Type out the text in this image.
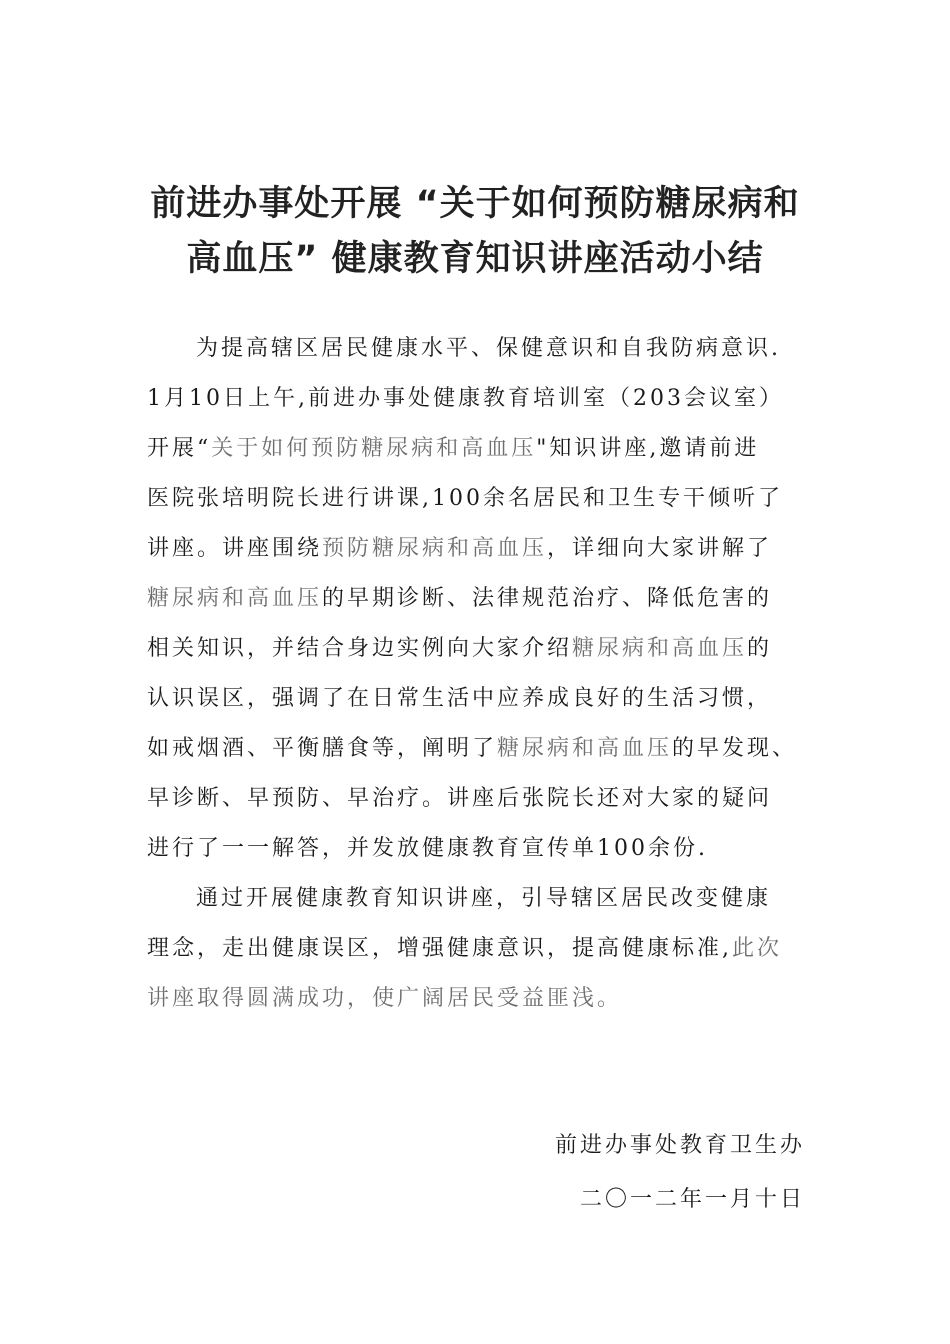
前进办事处开展 “关于如何预防糖尿病和
高血压” 健康教育知识讲座活动小结
为提高辖区居民健康水平、保健意识和自我防病意识.
1月10日上午,前进办事处健康教育培训室（203会议室）
开展“关于如何预防糖尿病和高血压"知识讲座,邀请前进
医院张培明院长进行讲课,100余名居民和卫生专干倾听了
讲座。讲座围绕预防糖尿病和高血压，详细向大家讲解了
糖尿病和高血压的早期诊断、法律规范治疗、降低危害的
相关知识，并结合身边实例向大家介绍糖尿病和高血压的
认识误区，强调了在日常生活中应养成良好的生活习惯，
如戒烟酒、平衡膳食等，阐明了糖尿病和高血压的早发现、
早诊断、早预防、早治疗。讲座后张院长还对大家的疑问
进行了一一解答，并发放健康教育宣传单100余份.
通过开展健康教育知识讲座，引导辖区居民改变健康
理念，走出健康误区，增强健康意识，提高健康标准,此次
讲座取得圆满成功，使广阔居民受益匪浅。
前进办事处教育卫生办
二〇一二年一月十日
